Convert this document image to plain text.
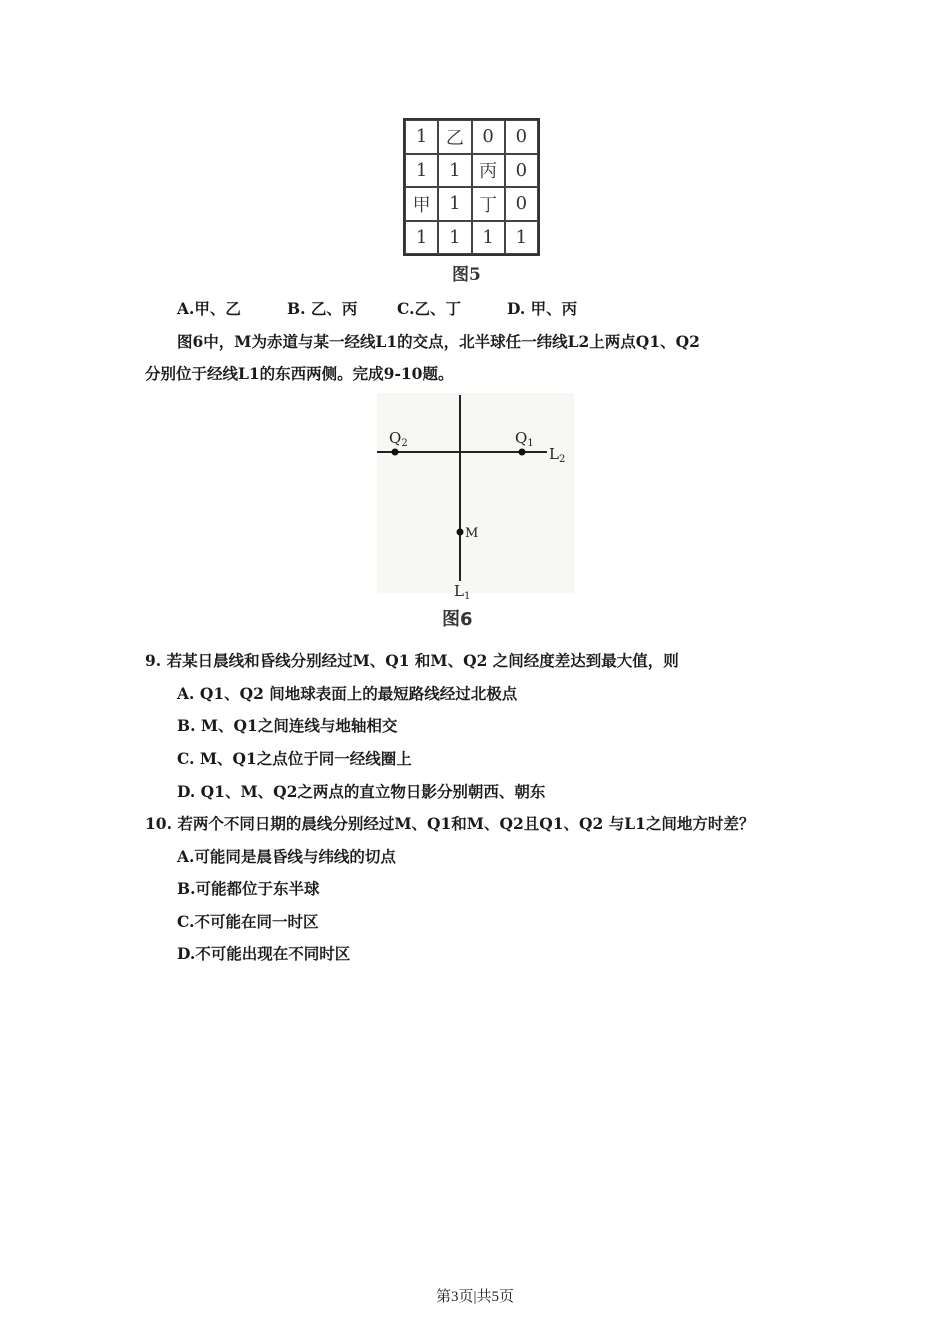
1	乙	0	0
1	1	丙	0
甲	1	丁	0
1	1	1	1
图5
A.甲、乙	B. 乙、丙	C.乙、丁	D. 甲、丙
图6中，M为赤道与某一经线L1的交点，北半球任一纬线L2上两点Q1、Q2
分别位于经线L1的东西两侧。完成9-10题。
$Q_2$	$Q_1$
$L_2$
M
$L_1$
图6
9. 若某日晨线和昏线分别经过M、Q1 和M、Q2 之间经度差达到最大值，则
A. Q1、Q2 间地球表面上的最短路线经过北极点
B. M、Q1之间连线与地轴相交
C. M、Q1之点位于同一经线圈上
D. Q1、M、Q2之两点的直立物日影分别朝西、朝东
10. 若两个不同日期的晨线分别经过M、Q1和M、Q2且Q1、Q2 与L1之间地方时差？
A.可能同是晨昏线与纬线的切点
B.可能都位于东半球
C.不可能在同一时区
D.不可能出现在不同时区
第3页|共5页
